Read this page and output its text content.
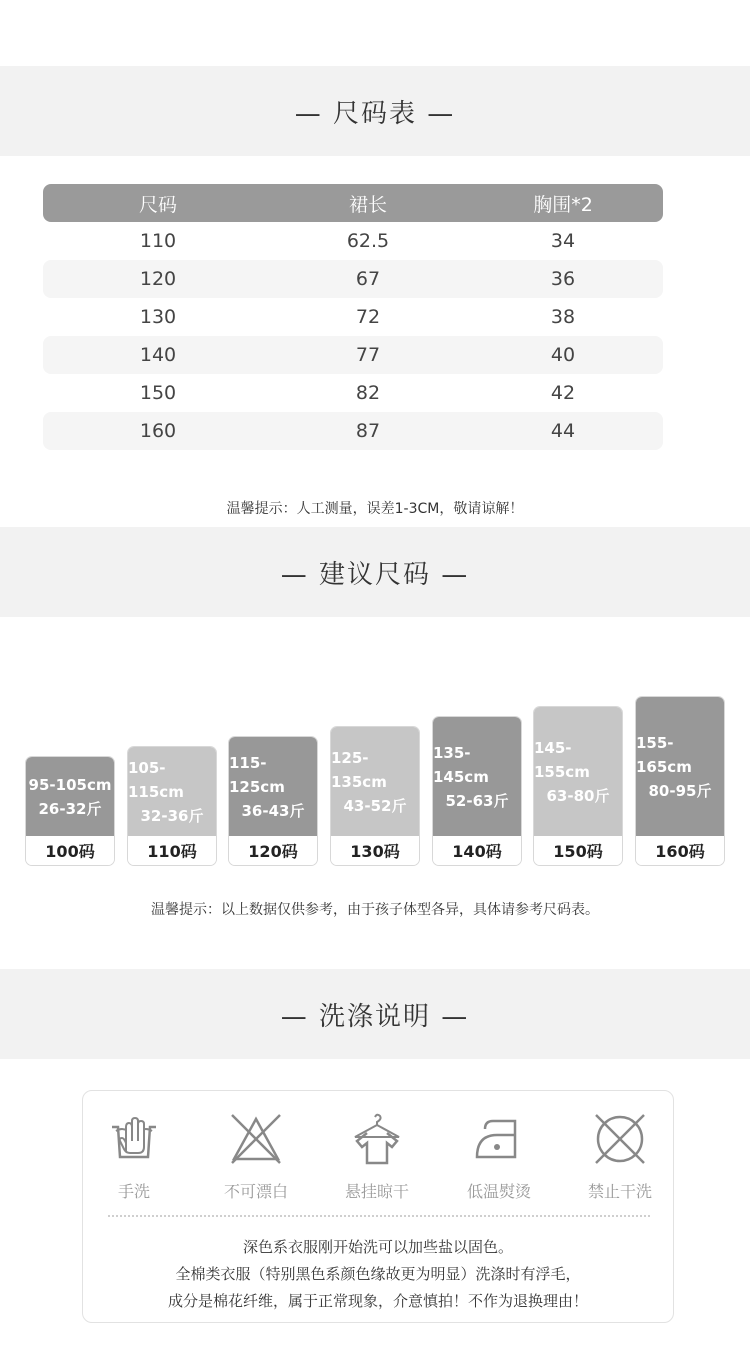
— 尺码表 —
尺码	裙长	胸围*2
110	62.5	34
120	67	36
130	72	38
140	77	40
150	82	42
160	87	44
温馨提示：人工测量，误差1-3CM，敬请谅解！
— 建议尺码 —
95-105cm
26-32斤
100码
105-115cm
32-36斤
110码
115-125cm
36-43斤
120码
125-135cm
43-52斤
130码
135-145cm
52-63斤
140码
145-155cm
63-80斤
150码
155-165cm
80-95斤
160码
温馨提示：以上数据仅供参考，由于孩子体型各异，具体请参考尺码表。
— 洗涤说明 —
手洗	不可漂白	悬挂晾干	低温熨烫	禁止干洗
深色系衣服刚开始洗可以加些盐以固色。
全棉类衣服（特别黑色系颜色缘故更为明显）洗涤时有浮毛，
成分是棉花纤维，属于正常现象，介意慎拍！不作为退换理由！
